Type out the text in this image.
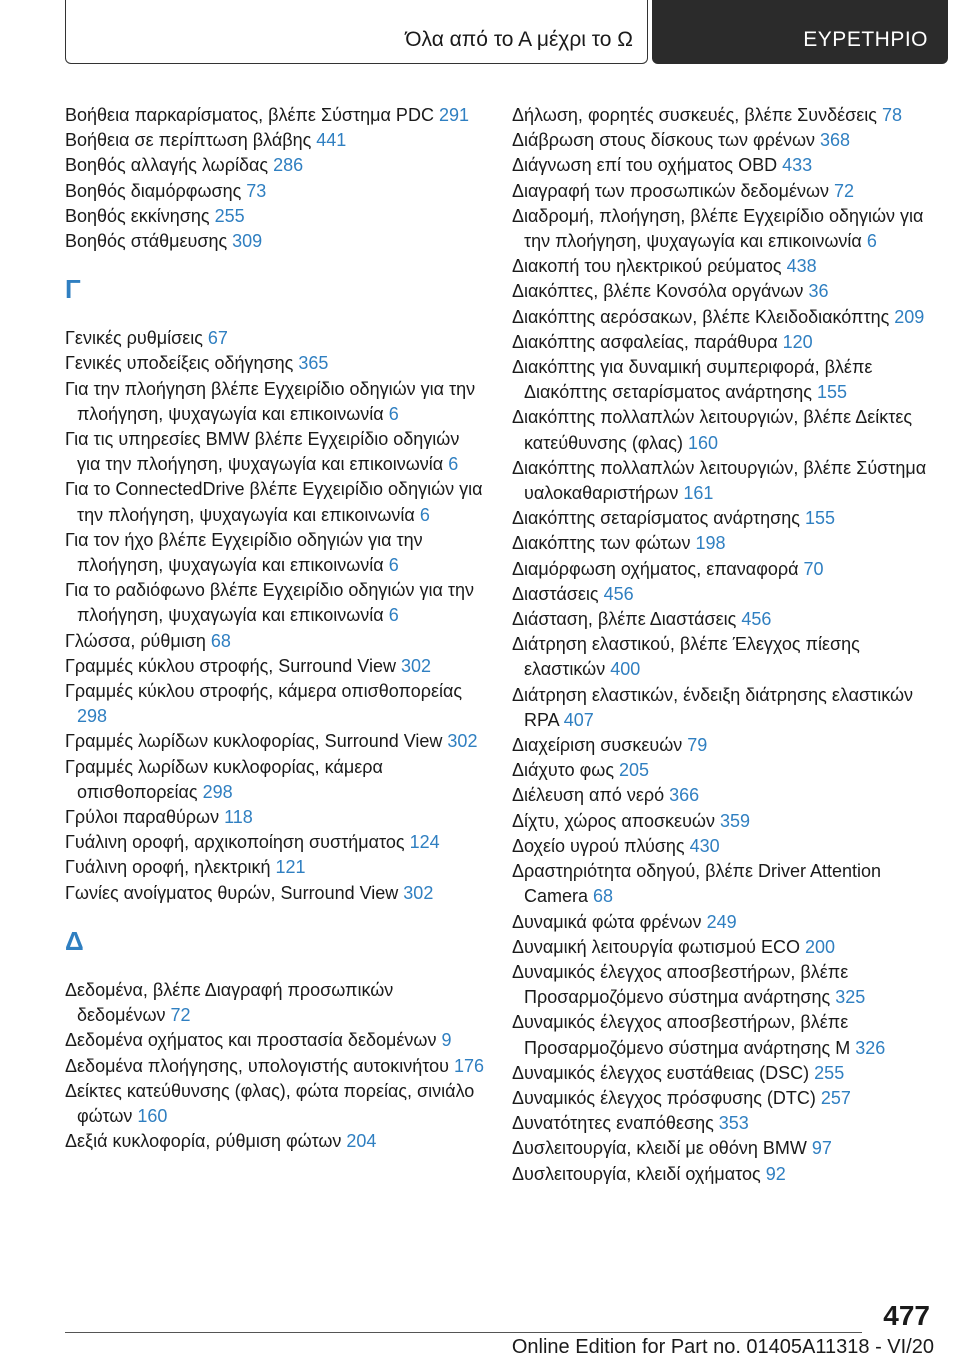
Όλα από το Α μέχρι το Ω	ΕΥΡΕΤΗΡΙΟ
Βοήθεια παρκαρίσματος, βλέπε Σύστημα PDC 291
Βοήθεια σε περίπτωση βλάβης 441
Βοηθός αλλαγής λωρίδας 286
Βοηθός διαμόρφωσης 73
Βοηθός εκκίνησης 255
Βοηθός στάθμευσης 309
Γ
Γενικές ρυθμίσεις 67
Γενικές υποδείξεις οδήγησης 365
Για την πλοήγηση βλέπε Εγχειρίδιο οδηγιών για την πλοήγηση, ψυχαγωγία και επικοινωνία 6
Για τις υπηρεσίες BMW βλέπε Εγχειρίδιο οδηγιών για την πλοήγηση, ψυχαγωγία και επικοινωνία 6
Για το ConnectedDrive βλέπε Εγχειρίδιο οδηγιών για την πλοήγηση, ψυχαγωγία και επικοινωνία 6
Για τον ήχο βλέπε Εγχειρίδιο οδηγιών για την πλοήγηση, ψυχαγωγία και επικοινωνία 6
Για το ραδιόφωνο βλέπε Εγχειρίδιο οδηγιών για την πλοήγηση, ψυχαγωγία και επικοινωνία 6
Γλώσσα, ρύθμιση 68
Γραμμές κύκλου στροφής, Surround View 302
Γραμμές κύκλου στροφής, κάμερα οπισθοπορείας 298
Γραμμές λωρίδων κυκλοφορίας, Surround View 302
Γραμμές λωρίδων κυκλοφορίας, κάμερα οπισθοπορείας 298
Γρύλοι παραθύρων 118
Γυάλινη οροφή, αρχικοποίηση συστήματος 124
Γυάλινη οροφή, ηλεκτρική 121
Γωνίες ανοίγματος θυρών, Surround View 302
Δ
Δεδομένα, βλέπε Διαγραφή προσωπικών δεδομένων 72
Δεδομένα οχήματος και προστασία δεδομένων 9
Δεδομένα πλοήγησης, υπολογιστής αυτοκινήτου 176
Δείκτες κατεύθυνσης (φλας), φώτα πορείας, σινιάλο φώτων 160
Δεξιά κυκλοφορία, ρύθμιση φώτων 204
Δήλωση, φορητές συσκευές, βλέπε Συνδέσεις 78
Διάβρωση στους δίσκους των φρένων 368
Διάγνωση επί του οχήματος OBD 433
Διαγραφή των προσωπικών δεδομένων 72
Διαδρομή, πλοήγηση, βλέπε Εγχειρίδιο οδηγιών για την πλοήγηση, ψυχαγωγία και επικοινωνία 6
Διακοπή του ηλεκτρικού ρεύματος 438
Διακόπτες, βλέπε Κονσόλα οργάνων 36
Διακόπτης αερόσακων, βλέπε Κλειδοδιακόπτης 209
Διακόπτης ασφαλείας, παράθυρα 120
Διακόπτης για δυναμική συμπεριφορά, βλέπε Διακόπτης σεταρίσματος ανάρτησης 155
Διακόπτης πολλαπλών λειτουργιών, βλέπε Δείκτες κατεύθυνσης (φλας) 160
Διακόπτης πολλαπλών λειτουργιών, βλέπε Σύστημα υαλοκαθαριστήρων 161
Διακόπτης σεταρίσματος ανάρτησης 155
Διακόπτης των φώτων 198
Διαμόρφωση οχήματος, επαναφορά 70
Διαστάσεις 456
Διάσταση, βλέπε Διαστάσεις 456
Διάτρηση ελαστικού, βλέπε Έλεγχος πίεσης ελαστικών 400
Διάτρηση ελαστικών, ένδειξη διάτρησης ελαστικών RPA 407
Διαχείριση συσκευών 79
Διάχυτο φως 205
Διέλευση από νερό 366
Δίχτυ, χώρος αποσκευών 359
Δοχείο υγρού πλύσης 430
Δραστηριότητα οδηγού, βλέπε Driver Attention Camera 68
Δυναμικά φώτα φρένων 249
Δυναμική λειτουργία φωτισμού ECO 200
Δυναμικός έλεγχος αποσβεστήρων, βλέπε Προσαρμοζόμενο σύστημα ανάρτησης 325
Δυναμικός έλεγχος αποσβεστήρων, βλέπε Προσαρμοζόμενο σύστημα ανάρτησης M 326
Δυναμικός έλεγχος ευστάθειας (DSC) 255
Δυναμικός έλεγχος πρόσφυσης (DTC) 257
Δυνατότητες εναπόθεσης 353
Δυσλειτουργία, κλειδί με οθόνη BMW 97
Δυσλειτουργία, κλειδί οχήματος 92
477
Online Edition for Part no. 01405A11318 - VI/20
